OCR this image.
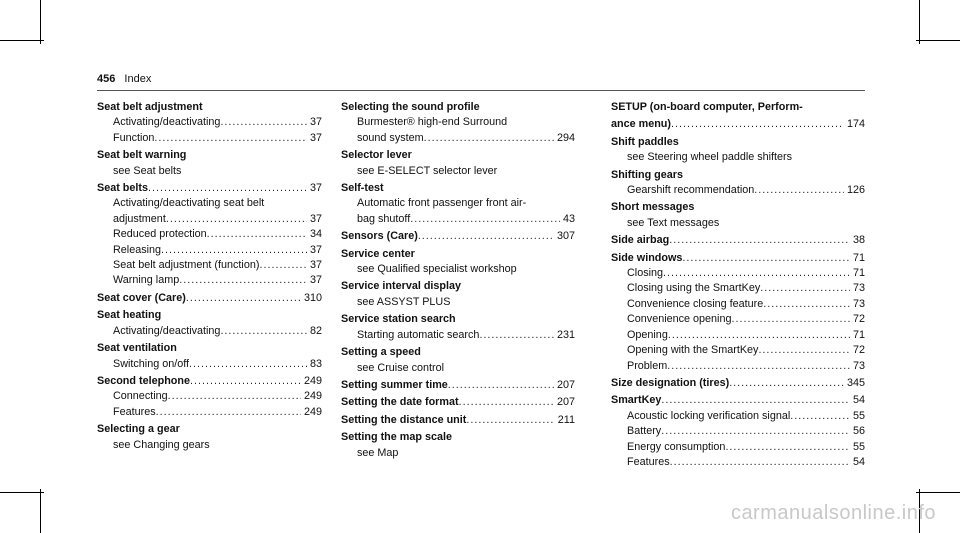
456 Index
Seat belt adjustment
Activating/deactivating .....	37
Function .....	37
Seat belt warning
see Seat belts
Seat belts .....	37
Activating/deactivating seat belt
adjustment .....	37
Reduced protection .....	34
Releasing .....	37
Seat belt adjustment (function) .....	37
Warning lamp .....	37
Seat cover (Care) .....	310
Seat heating
Activating/deactivating .....	82
Seat ventilation
Switching on/off .....	83
Second telephone .....	249
Connecting .....	249
Features .....	249
Selecting a gear
see Changing gears
Selecting the sound profile
Burmester® high-end Surround
sound system .....	294
Selector lever
see E-SELECT selector lever
Self-test
Automatic front passenger front air-
bag shutoff .....	43
Sensors (Care) .....	307
Service center
see Qualified specialist workshop
Service interval display
see ASSYST PLUS
Service station search
Starting automatic search .....	231
Setting a speed
see Cruise control
Setting summer time .....	207
Setting the date format .....	207
Setting the distance unit .....	211
Setting the map scale
see Map
SETUP (on-board computer, Perform-
ance menu) .....	174
Shift paddles
see Steering wheel paddle shifters
Shifting gears
Gearshift recommendation .....	126
Short messages
see Text messages
Side airbag .....	38
Side windows .....	71
Closing .....	71
Closing using the SmartKey .....	73
Convenience closing feature .....	73
Convenience opening .....	72
Opening .....	71
Opening with the SmartKey .....	72
Problem .....	73
Size designation (tires) .....	345
SmartKey .....	54
Acoustic locking verification signal .....	55
Battery .....	56
Energy consumption .....	55
Features .....	54
carmanualsonline.info
